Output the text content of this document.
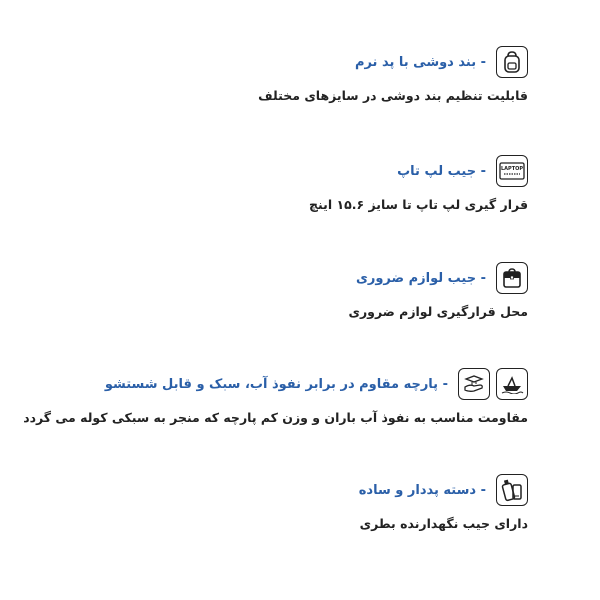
- بند دوشی با پد نرم
قابلیت تنظیم بند دوشی در سایزهای مختلف
LAPTOP
- جیب لپ تاپ
قرار گیری لپ تاپ تا سایز ۱۵.۶ اینچ
- جیب لوازم ضروری
محل قرارگیری لوازم ضروری
- پارچه مقاوم در برابر نفوذ آب، سبک و قابل شستشو
مقاومت مناسب به نفوذ آب باران و وزن کم پارچه که منجر به سبکی کوله می گردد
- دسته پددار و ساده
دارای جیب نگهدارنده بطری
